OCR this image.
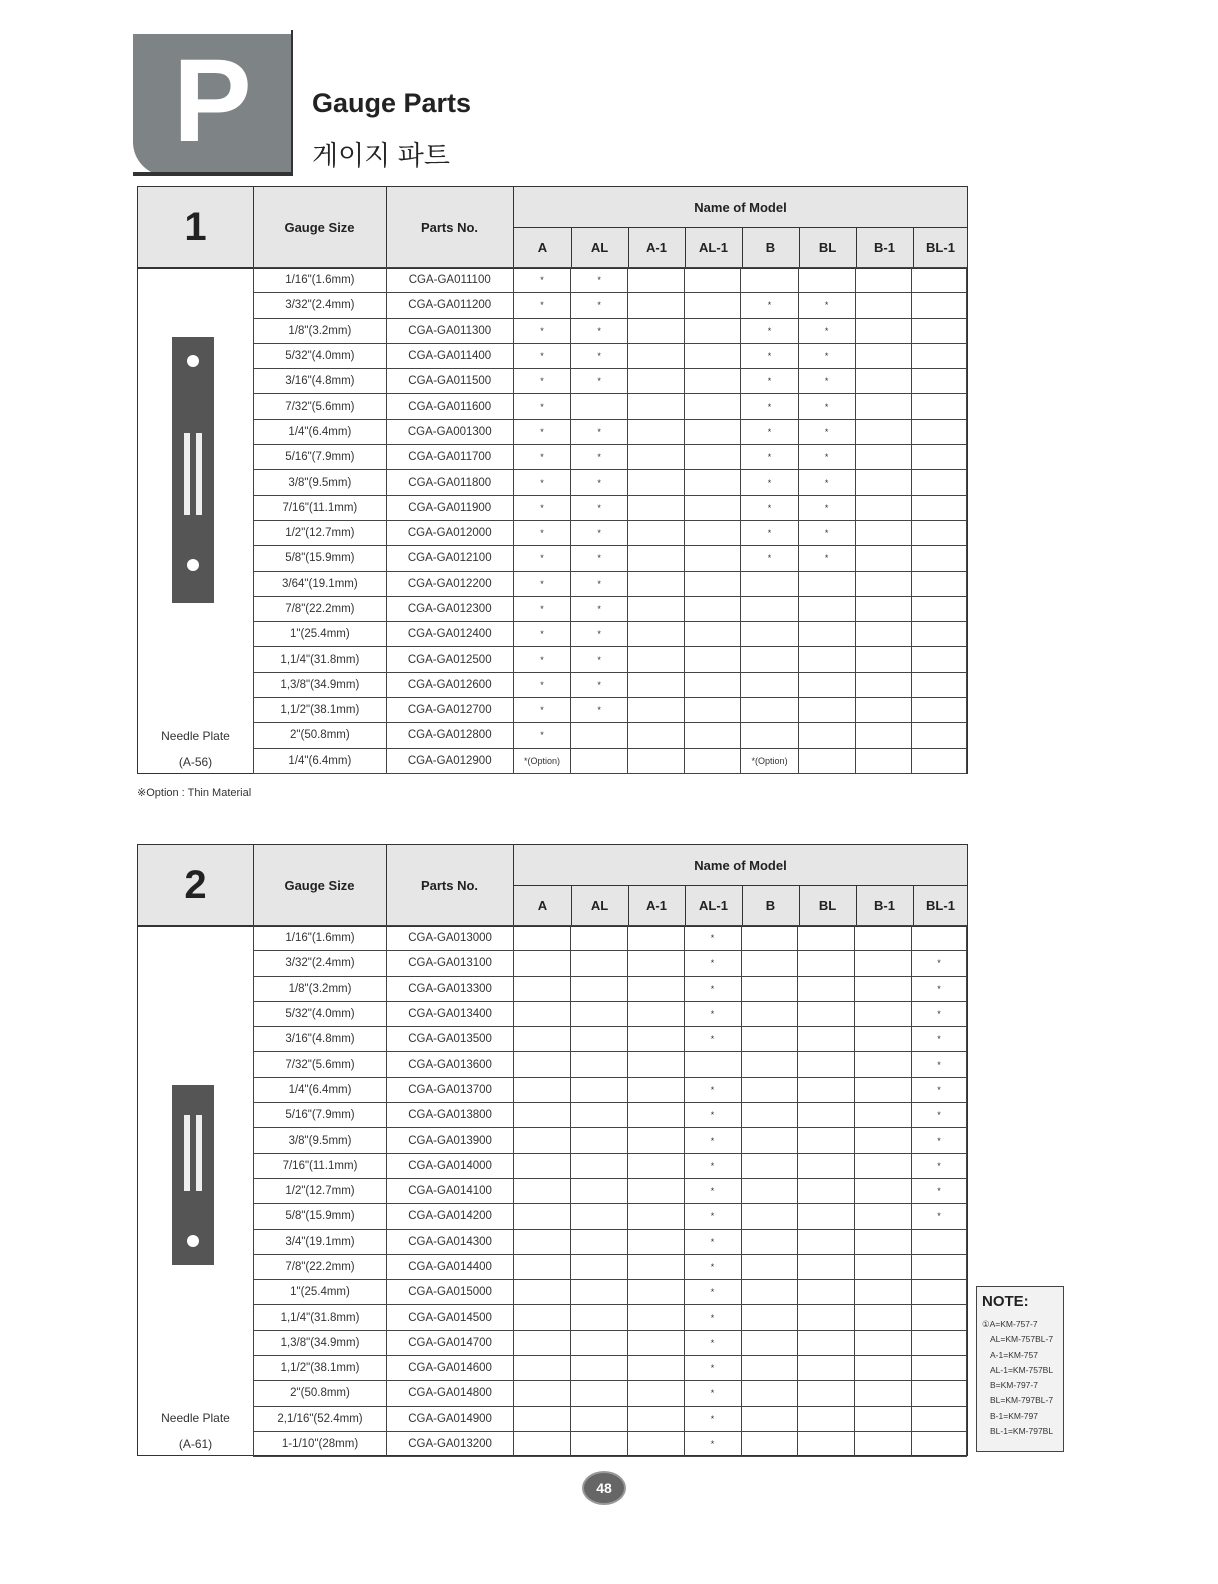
P Gauge Parts
게이지 파트
1	Gauge Size	Parts No.
Name of Model
A	AL	A-1	AL-1	B	BL	B-1	BL-1
Needle Plate
(A-56)
1/16"(1.6mm)	CGA-GA011100	*	*						
3/32"(2.4mm)	CGA-GA011200	*	*			*	*		
1/8"(3.2mm)	CGA-GA011300	*	*			*	*		
5/32"(4.0mm)	CGA-GA011400	*	*			*	*		
3/16"(4.8mm)	CGA-GA011500	*	*			*	*		
7/32"(5.6mm)	CGA-GA011600	*				*	*		
1/4"(6.4mm)	CGA-GA001300	*	*			*	*		
5/16"(7.9mm)	CGA-GA011700	*	*			*	*		
3/8"(9.5mm)	CGA-GA011800	*	*			*	*		
7/16"(11.1mm)	CGA-GA011900	*	*			*	*		
1/2"(12.7mm)	CGA-GA012000	*	*			*	*		
5/8"(15.9mm)	CGA-GA012100	*	*			*	*		
3/64"(19.1mm)	CGA-GA012200	*	*						
7/8"(22.2mm)	CGA-GA012300	*	*						
1"(25.4mm)	CGA-GA012400	*	*						
1,1/4"(31.8mm)	CGA-GA012500	*	*						
1,3/8"(34.9mm)	CGA-GA012600	*	*						
1,1/2"(38.1mm)	CGA-GA012700	*	*						
2"(50.8mm)	CGA-GA012800	*							
1/4"(6.4mm)	CGA-GA012900	*(Option)				*(Option)			
※Option : Thin Material
2	Gauge Size	Parts No.
Name of Model
A	AL	A-1	AL-1	B	BL	B-1	BL-1
Needle Plate
(A-61)
1/16"(1.6mm)	CGA-GA013000				*				
3/32"(2.4mm)	CGA-GA013100				*				*
1/8"(3.2mm)	CGA-GA013300				*				*
5/32"(4.0mm)	CGA-GA013400				*				*
3/16"(4.8mm)	CGA-GA013500				*				*
7/32"(5.6mm)	CGA-GA013600								*
1/4"(6.4mm)	CGA-GA013700				*				*
5/16"(7.9mm)	CGA-GA013800				*				*
3/8"(9.5mm)	CGA-GA013900				*				*
7/16"(11.1mm)	CGA-GA014000				*				*
1/2"(12.7mm)	CGA-GA014100				*				*
5/8"(15.9mm)	CGA-GA014200				*				*
3/4"(19.1mm)	CGA-GA014300				*				
7/8"(22.2mm)	CGA-GA014400				*				
1"(25.4mm)	CGA-GA015000				*				
1,1/4"(31.8mm)	CGA-GA014500				*				
1,3/8"(34.9mm)	CGA-GA014700				*				
1,1/2"(38.1mm)	CGA-GA014600				*				
2"(50.8mm)	CGA-GA014800				*				
2,1/16"(52.4mm)	CGA-GA014900				*				
1-1/10"(28mm)	CGA-GA013200				*				
NOTE:
①A=KM-757-7
AL=KM-757BL-7
A-1=KM-757
AL-1=KM-757BL
B=KM-797-7
BL=KM-797BL-7
B-1=KM-797
BL-1=KM-797BL
48
